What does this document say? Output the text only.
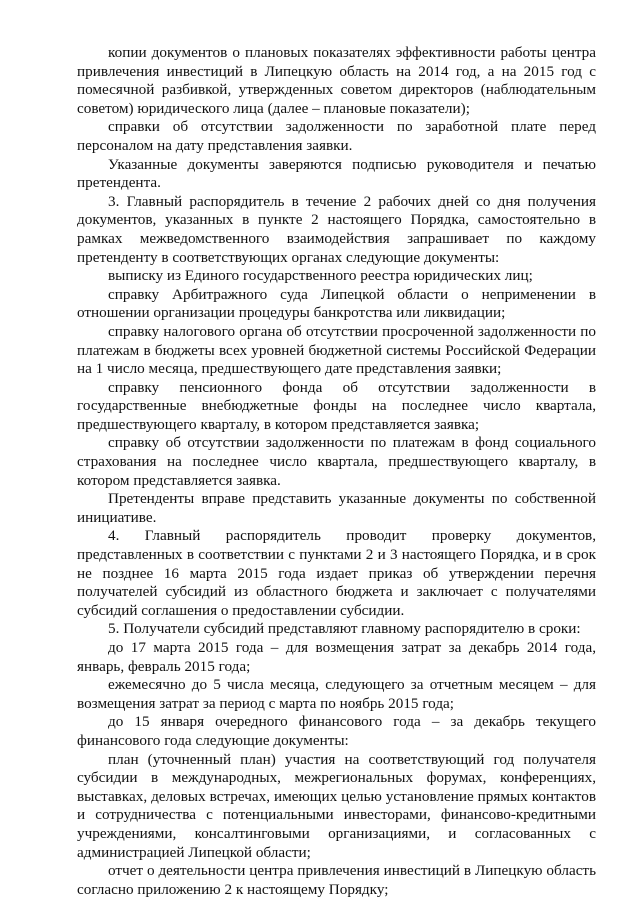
копии документов о плановых показателях эффективности работы центра привлечения инвестиций в Липецкую область на 2014 год, а на 2015 год с помесячной разбивкой, утвержденных советом директоров (наблюдательным советом) юридического лица (далее – плановые показатели);

справки об отсутствии задолженности по заработной плате перед персоналом на дату представления заявки.

Указанные документы заверяются подписью руководителя и печатью претендента.

3. Главный распорядитель в течение 2 рабочих дней со дня получения документов, указанных в пункте 2 настоящего Порядка, самостоятельно в рамках межведомственного взаимодействия запрашивает по каждому претенденту в соответствующих органах следующие документы:

выписку из Единого государственного реестра юридических лиц;

справку Арбитражного суда Липецкой области о неприменении в отношении организации процедуры банкротства или ликвидации;

справку налогового органа об отсутствии просроченной задолженности по платежам в бюджеты всех уровней бюджетной системы Российской Федерации на 1 число месяца, предшествующего дате представления заявки;

справку пенсионного фонда об отсутствии задолженности в государственные внебюджетные фонды на последнее число квартала, предшествующего кварталу, в котором представляется заявка;

справку об отсутствии задолженности по платежам в фонд социального страхования на последнее число квартала, предшествующего кварталу, в котором представляется заявка.

Претенденты вправе представить указанные документы по собственной инициативе.

4. Главный распорядитель проводит проверку документов, представленных в соответствии с пунктами 2 и 3 настоящего Порядка, и в срок не позднее 16 марта 2015 года издает приказ об утверждении перечня получателей субсидий из областного бюджета и заключает с получателями субсидий соглашения о предоставлении субсидии.

5. Получатели субсидий представляют главному распорядителю в сроки:

до 17 марта 2015 года – для возмещения затрат за декабрь 2014 года, январь, февраль 2015 года;

ежемесячно до 5 числа месяца, следующего за отчетным месяцем – для возмещения затрат за период с марта по ноябрь 2015 года;

до 15 января очередного финансового года – за декабрь текущего финансового года следующие документы:

план (уточненный план) участия на соответствующий год получателя субсидии в международных, межрегиональных форумах, конференциях, выставках, деловых встречах, имеющих целью установление прямых контактов и сотрудничества с потенциальными инвесторами, финансово-кредитными учреждениями, консалтинговыми организациями, и согласованных с администрацией Липецкой области;

отчет о деятельности центра привлечения инвестиций в Липецкую область согласно приложению 2 к настоящему Порядку;
